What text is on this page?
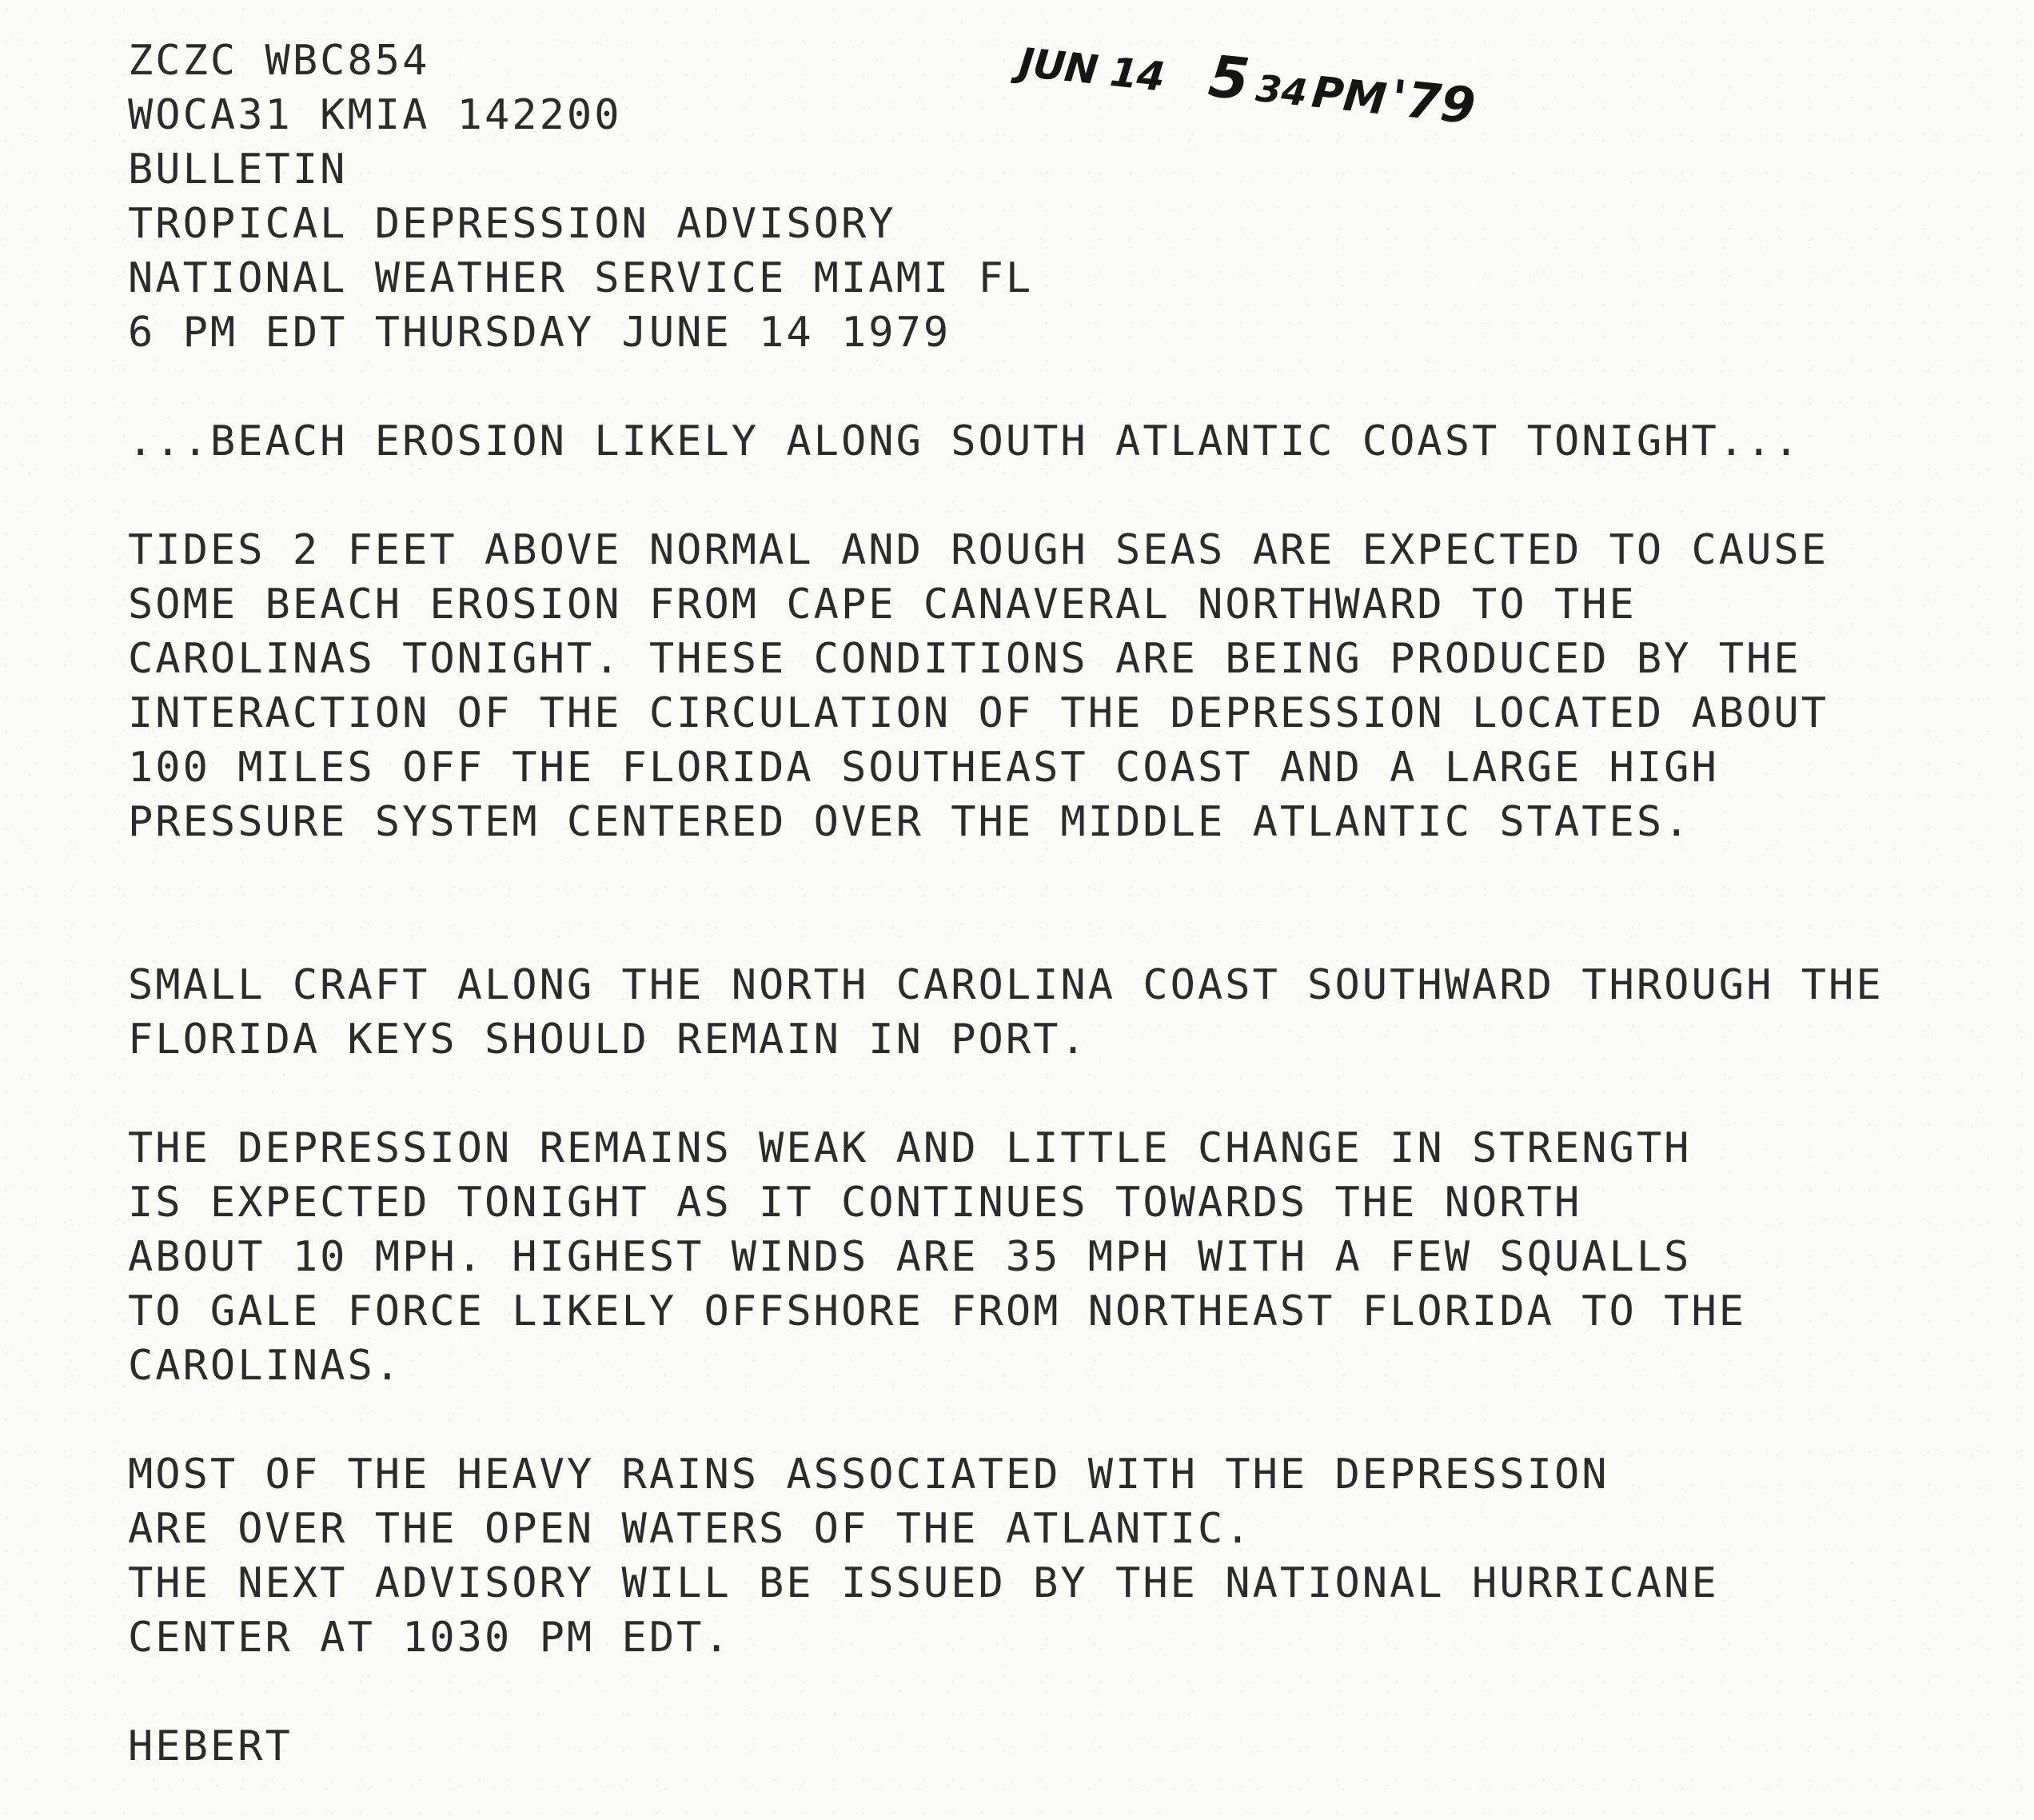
JUN 14 534PM'79
ZCZC WBC854
WOCA31 KMIA 142200
BULLETIN
TROPICAL DEPRESSION ADVISORY
NATIONAL WEATHER SERVICE MIAMI FL
6 PM EDT THURSDAY JUNE 14 1979
...BEACH EROSION LIKELY ALONG SOUTH ATLANTIC COAST TONIGHT...
TIDES 2 FEET ABOVE NORMAL AND ROUGH SEAS ARE EXPECTED TO CAUSE
SOME BEACH EROSION FROM CAPE CANAVERAL NORTHWARD TO THE
CAROLINAS TONIGHT. THESE CONDITIONS ARE BEING PRODUCED BY THE
INTERACTION OF THE CIRCULATION OF THE DEPRESSION LOCATED ABOUT
100 MILES OFF THE FLORIDA SOUTHEAST COAST AND A LARGE HIGH
PRESSURE SYSTEM CENTERED OVER THE MIDDLE ATLANTIC STATES.
SMALL CRAFT ALONG THE NORTH CAROLINA COAST SOUTHWARD THROUGH THE
FLORIDA KEYS SHOULD REMAIN IN PORT.
THE DEPRESSION REMAINS WEAK AND LITTLE CHANGE IN STRENGTH
IS EXPECTED TONIGHT AS IT CONTINUES TOWARDS THE NORTH
ABOUT 10 MPH. HIGHEST WINDS ARE 35 MPH WITH A FEW SQUALLS
TO GALE FORCE LIKELY OFFSHORE FROM NORTHEAST FLORIDA TO THE
CAROLINAS.
MOST OF THE HEAVY RAINS ASSOCIATED WITH THE DEPRESSION
ARE OVER THE OPEN WATERS OF THE ATLANTIC.
THE NEXT ADVISORY WILL BE ISSUED BY THE NATIONAL HURRICANE
CENTER AT 1030 PM EDT.
HEBERT
